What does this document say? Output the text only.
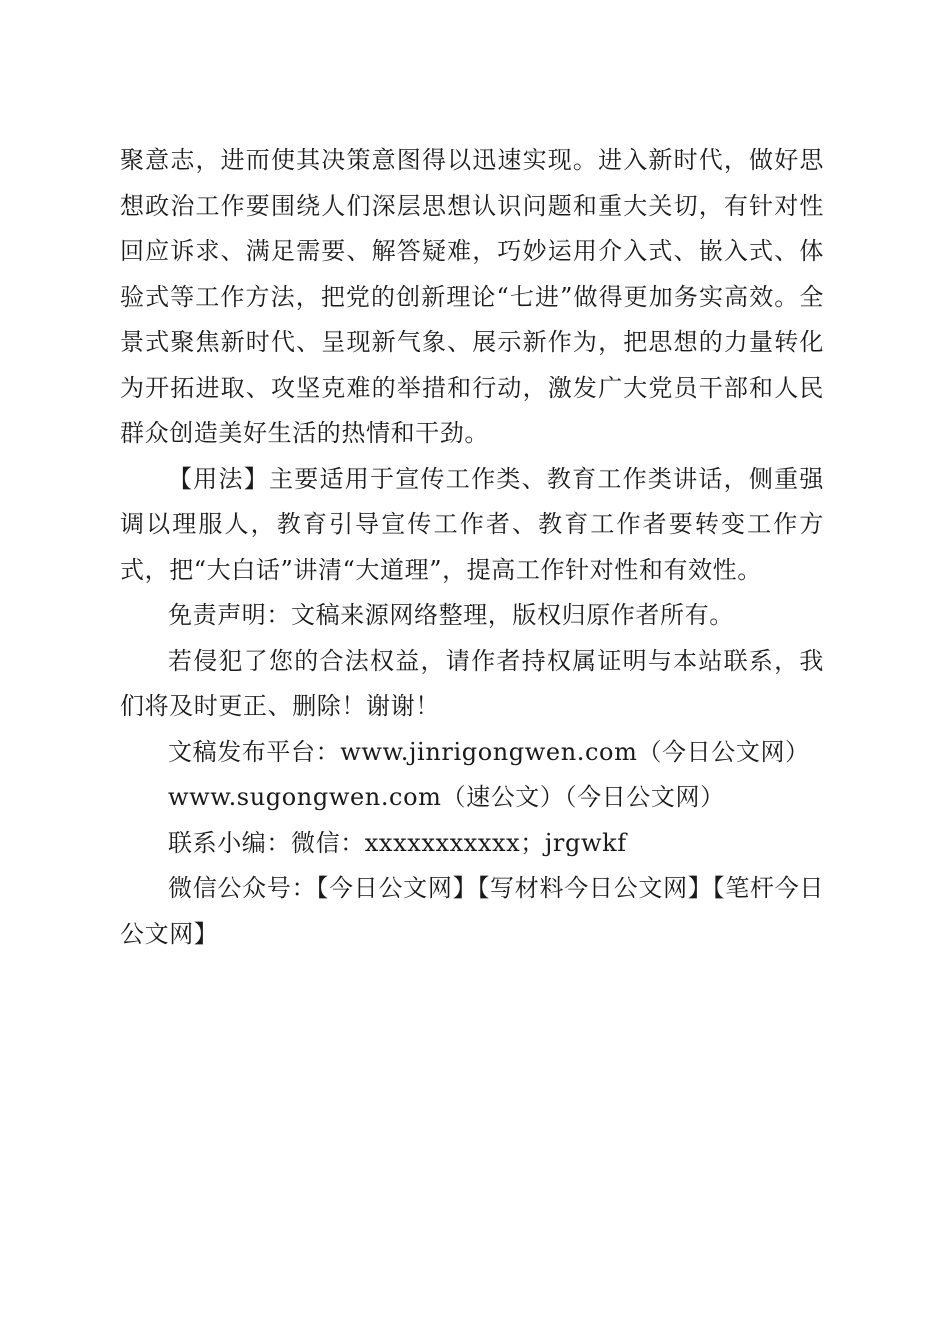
聚意志，进而使其决策意图得以迅速实现。进入新时代，做好思想政治工作要围绕人们深层思想认识问题和重大关切，有针对性回应诉求、满足需要、解答疑难，巧妙运用介入式、嵌入式、体验式等工作方法，把党的创新理论“七进”做得更加务实高效。全景式聚焦新时代、呈现新气象、展示新作为，把思想的力量转化为开拓进取、攻坚克难的举措和行动，激发广大党员干部和人民群众创造美好生活的热情和干劲。

【用法】主要适用于宣传工作类、教育工作类讲话，侧重强调以理服人，教育引导宣传工作者、教育工作者要转变工作方式，把“大白话”讲清“大道理”，提高工作针对性和有效性。

免责声明：文稿来源网络整理，版权归原作者所有。

若侵犯了您的合法权益，请作者持权属证明与本站联系，我们将及时更正、删除！谢谢！

文稿发布平台：www.jinrigongwen.com（今日公文网）

www.sugongwen.com（速公文）（今日公文网）

联系小编：微信：xxxxxxxxxxx；jrgwkf

微信公众号：【今日公文网】【写材料今日公文网】【笔杆今日公文网】
